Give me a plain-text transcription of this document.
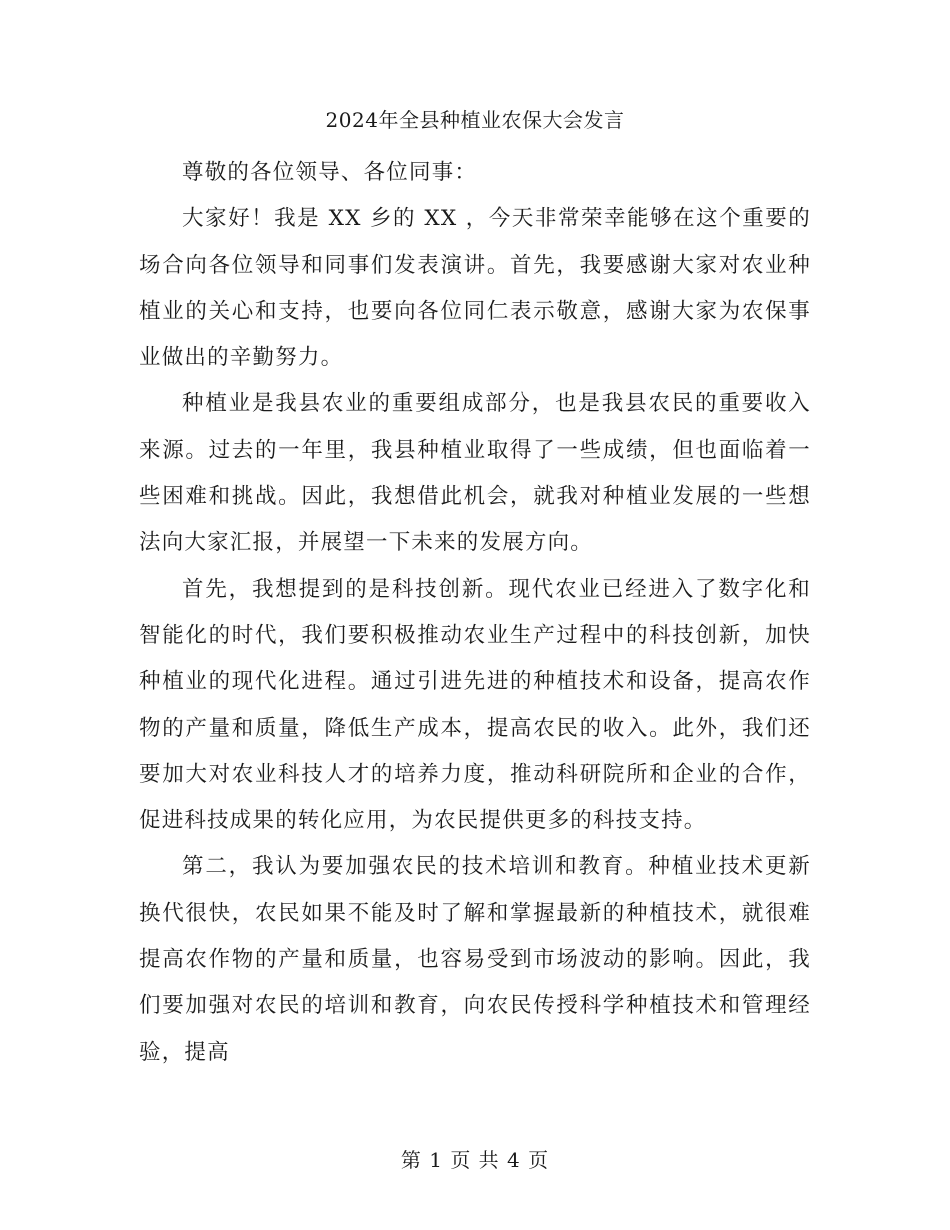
2024年全县种植业农保大会发言

尊敬的各位领导、各位同事：

大家好！我是 XX 乡的 XX ，今天非常荣幸能够在这个重要的场合向各位领导和同事们发表演讲。首先，我要感谢大家对农业种植业的关心和支持，也要向各位同仁表示敬意，感谢大家为农保事业做出的辛勤努力。

种植业是我县农业的重要组成部分，也是我县农民的重要收入来源。过去的一年里，我县种植业取得了一些成绩，但也面临着一些困难和挑战。因此，我想借此机会，就我对种植业发展的一些想法向大家汇报，并展望一下未来的发展方向。

首先，我想提到的是科技创新。现代农业已经进入了数字化和智能化的时代，我们要积极推动农业生产过程中的科技创新，加快种植业的现代化进程。通过引进先进的种植技术和设备，提高农作物的产量和质量，降低生产成本，提高农民的收入。此外，我们还要加大对农业科技人才的培养力度，推动科研院所和企业的合作，促进科技成果的转化应用，为农民提供更多的科技支持。

第二，我认为要加强农民的技术培训和教育。种植业技术更新换代很快，农民如果不能及时了解和掌握最新的种植技术，就很难提高农作物的产量和质量，也容易受到市场波动的影响。因此，我们要加强对农民的培训和教育，向农民传授科学种植技术和管理经验，提高

第 1 页 共 4 页
